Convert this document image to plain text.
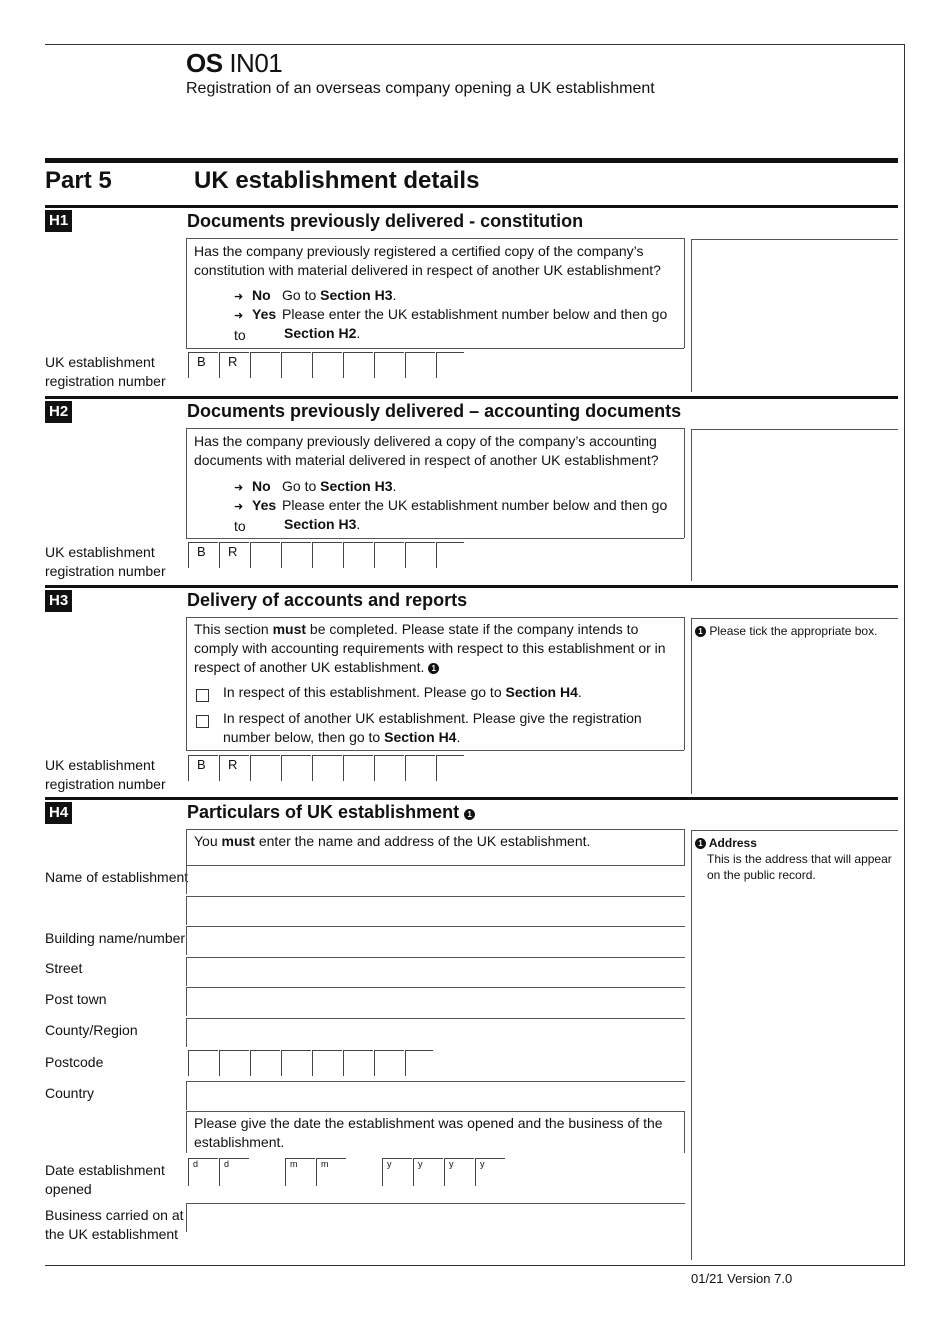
OS IN01
Registration of an overseas company opening a UK establishment
Part 5	UK establishment details
H1	Documents previously delivered - constitution
Has the company previously registered a certified copy of the company’s constitution with material delivered in respect of another UK establishment?
➜ No Go to Section H3.
➜ Yes Please enter the UK establishment number below and then go to	Section H2.
UK establishment
registration number
B	R
H2	Documents previously delivered – accounting documents
Has the company previously delivered a copy of the company’s accounting documents with material delivered in respect of another UK establishment?
➜ No Go to Section H3.
➜ Yes Please enter the UK establishment number below and then go to	Section H3.
UK establishment
registration number
B	R
H3	Delivery of accounts and reports
This section must be completed. Please state if the company intends to comply with accounting requirements with respect to this establishment or in respect of another UK establishment. 1
In respect of this establishment. Please go to Section H4.
In respect of another UK establishment. Please give the registration number below, then go to Section H4.
1 Please tick the appropriate box.
UK establishment
registration number
B	R
H4	Particulars of UK establishment 1
You must enter the name and address of the UK establishment.	1 Address
This is the address that will appear on the public record.
Name of establishment
Building name/number
Street
Post town
County/Region
Postcode
Country
Please give the date the establishment was opened and the business of the establishment.
Date establishment
opened
d	d	m	m	y	y	y	y
Business carried on at
the UK establishment
01/21 Version 7.0
